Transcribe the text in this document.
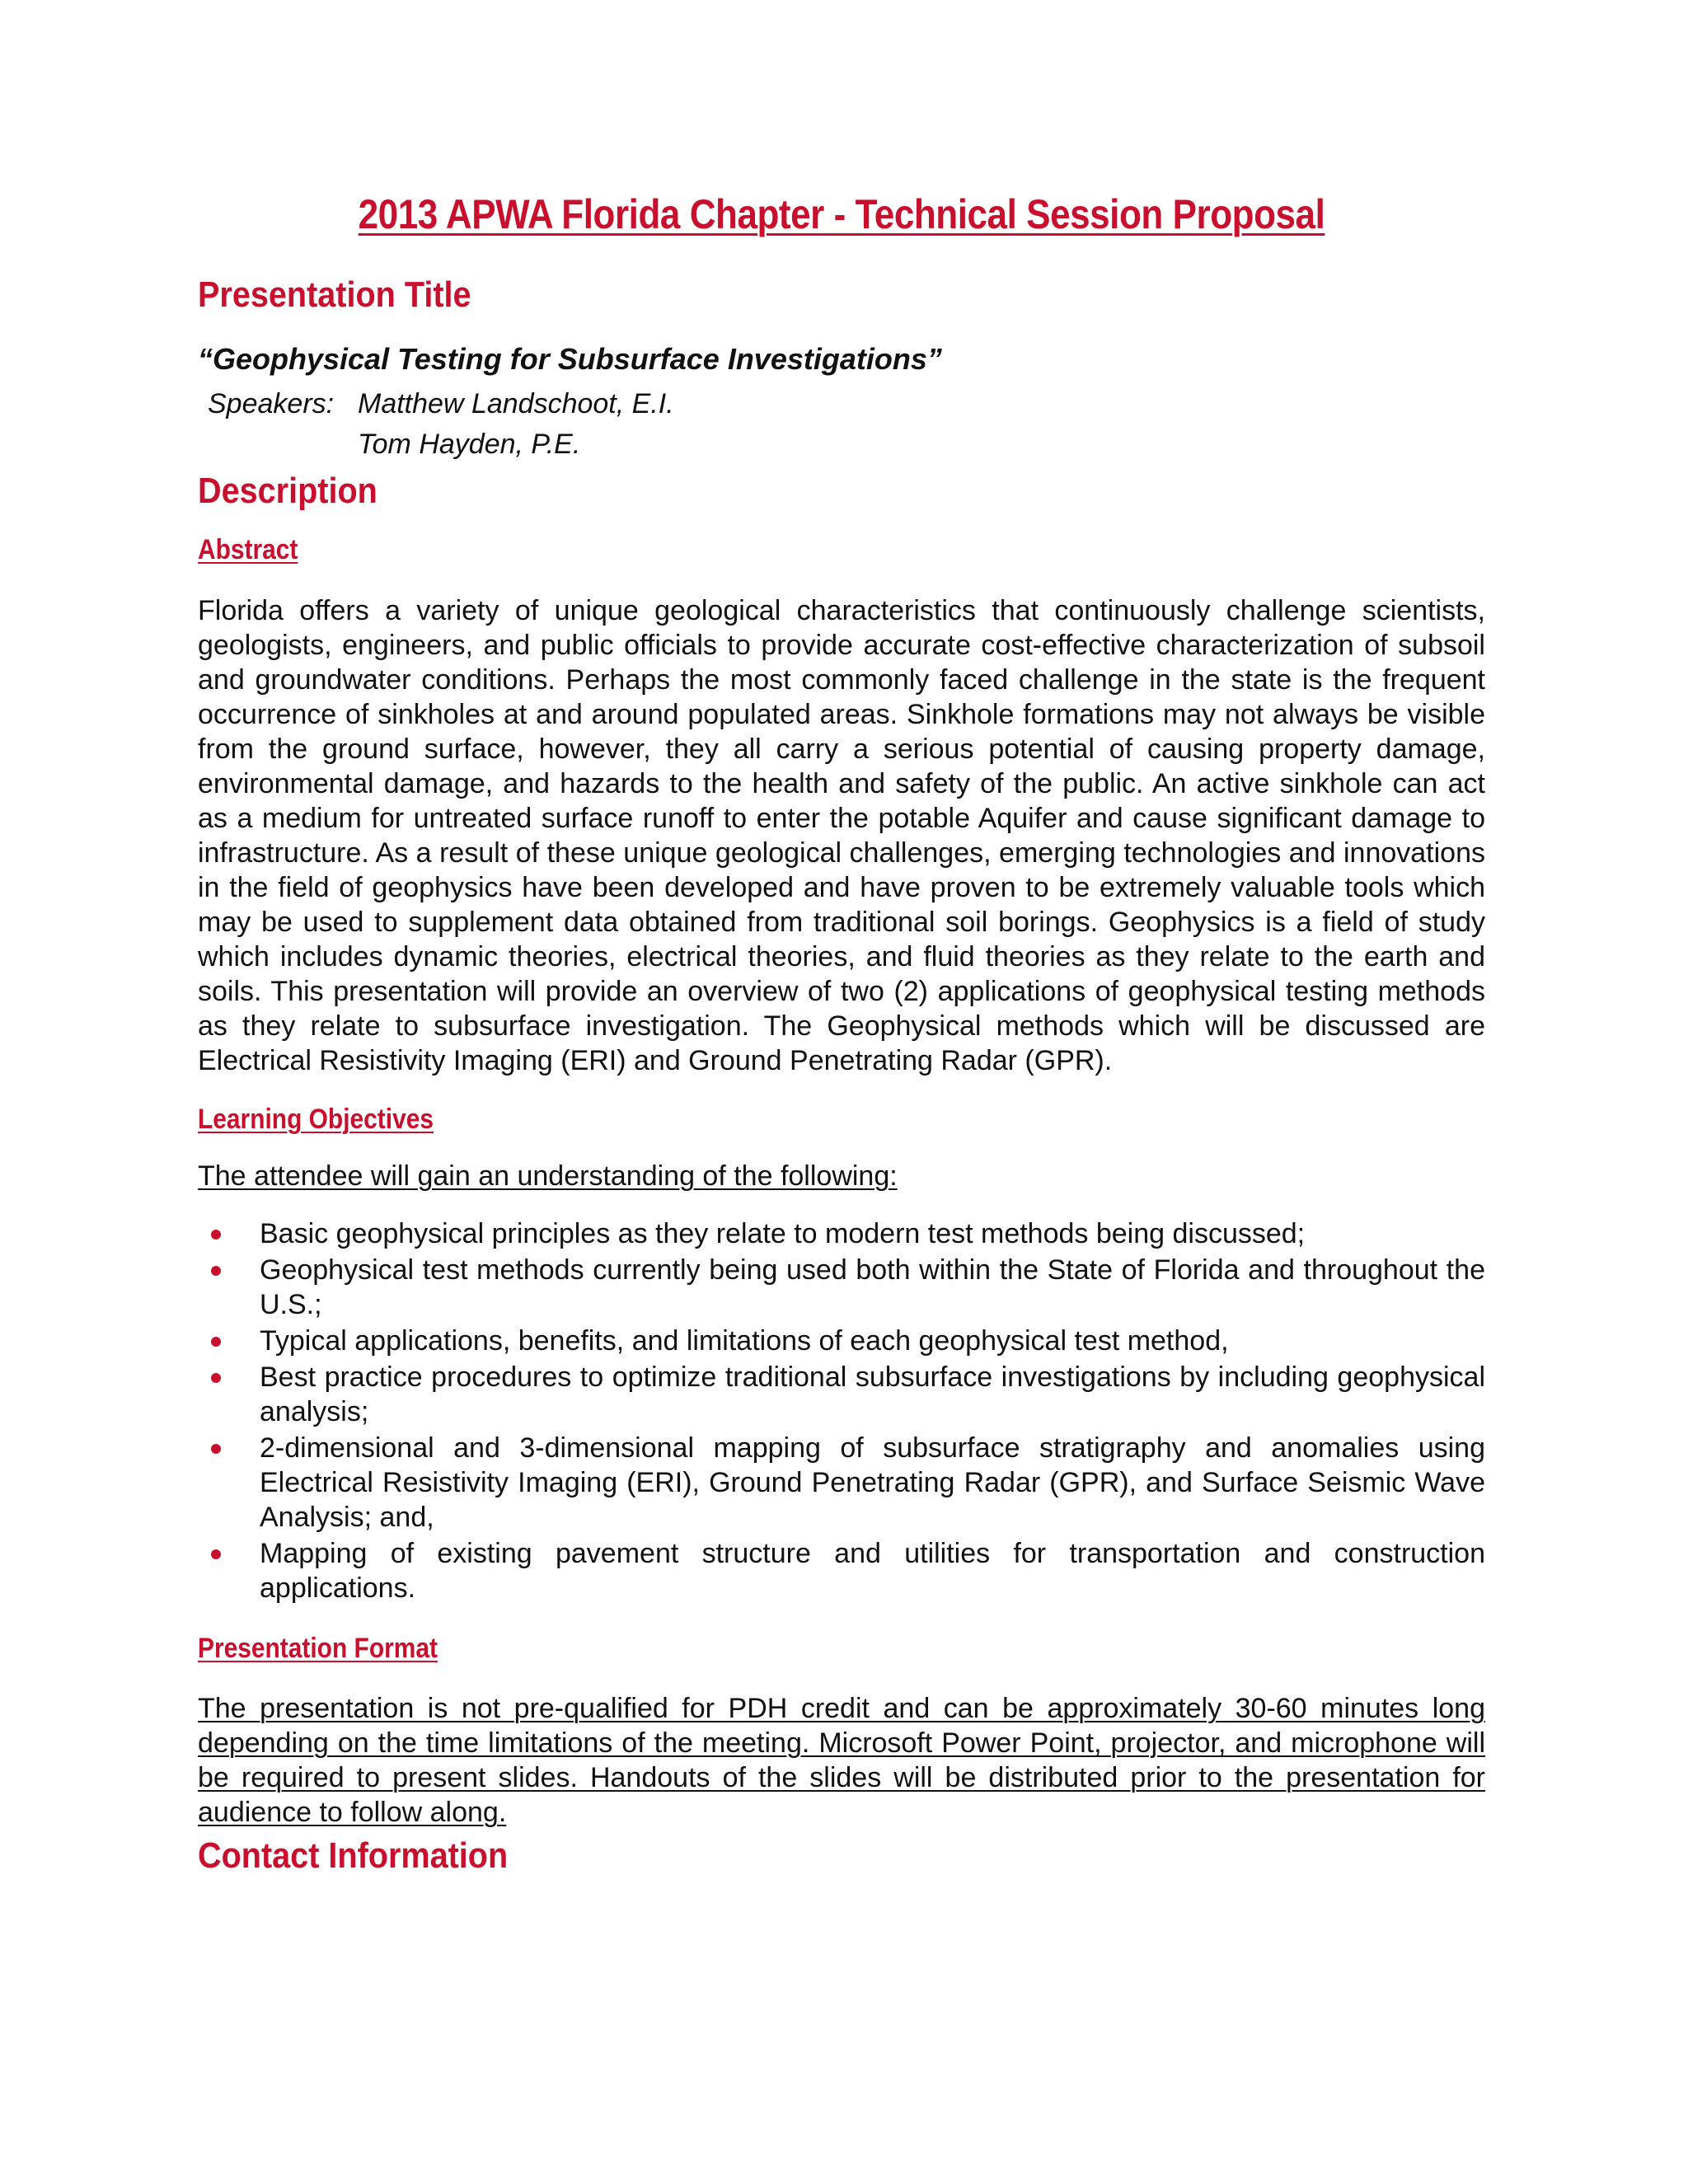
2013 APWA Florida Chapter - Technical Session Proposal
Presentation Title
“Geophysical Testing for Subsurface Investigations”
Speakers: Matthew Landschoot, E.I.
Tom Hayden, P.E.
Description
Abstract

Florida offers a variety of unique geological characteristics that continuously challenge scientists, geologists, engineers, and public officials to provide accurate cost-effective characterization of subsoil and groundwater conditions. Perhaps the most commonly faced challenge in the state is the frequent occurrence of sinkholes at and around populated areas. Sinkhole formations may not always be visible from the ground surface, however, they all carry a serious potential of causing property damage, environmental damage, and hazards to the health and safety of the public. An active sinkhole can act as a medium for untreated surface runoff to enter the potable Aquifer and cause significant damage to infrastructure. As a result of these unique geological challenges, emerging technologies and innovations in the field of geophysics have been developed and have proven to be extremely valuable tools which may be used to supplement data obtained from traditional soil borings. Geophysics is a field of study which includes dynamic theories, electrical theories, and fluid theories as they relate to the earth and soils. This presentation will provide an overview of two (2) applications of geophysical testing methods as they relate to subsurface investigation. The Geophysical methods which will be discussed are Electrical Resistivity Imaging (ERI) and Ground Penetrating Radar (GPR).

Learning Objectives

The attendee will gain an understanding of the following:

Basic geophysical principles as they relate to modern test methods being discussed;
Geophysical test methods currently being used both within the State of Florida and throughout the U.S.;
Typical applications, benefits, and limitations of each geophysical test method,
Best practice procedures to optimize traditional subsurface investigations by including geophysical analysis;
2-dimensional and 3-dimensional mapping of subsurface stratigraphy and anomalies using Electrical Resistivity Imaging (ERI), Ground Penetrating Radar (GPR), and Surface Seismic Wave Analysis; and,
Mapping of existing pavement structure and utilities for transportation and construction applications.
Presentation Format

The presentation is not pre-qualified for PDH credit and can be approximately 30-60 minutes long depending on the time limitations of the meeting. Microsoft Power Point, projector, and microphone will be required to present slides. Handouts of the slides will be distributed prior to the presentation for audience to follow along.

Contact Information
